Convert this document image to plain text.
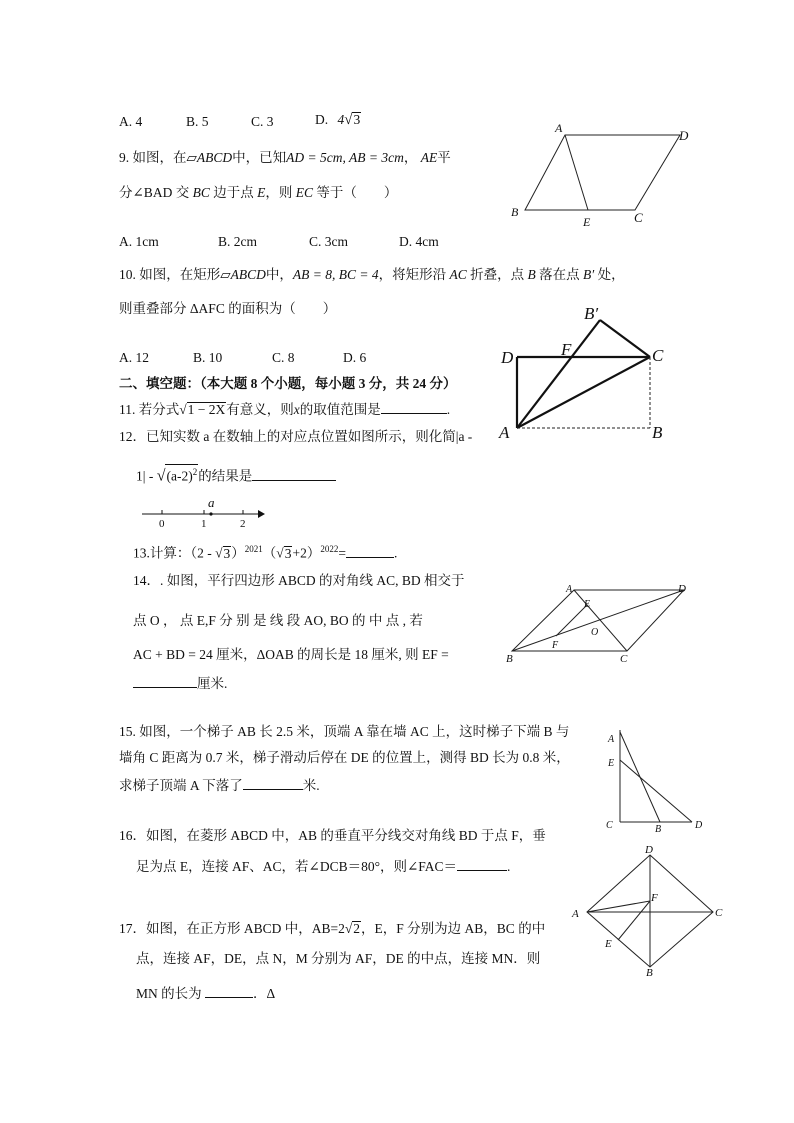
A. 4	B. 5	C. 3	D. 4√3
9. 如图，在▱ABCD中，已知AD = 5cm, AB = 3cm， AE平
分∠BAD 交 BC 边于点 E，则 EC 等于（　　）
A. 1cm	B. 2cm	C. 3cm	D. 4cm
A	D
B
E	C
10. 如图，在矩形▱ABCD中，AB = 8, BC = 4，将矩形沿 AC 折叠，点 B 落在点 B′ 处，
则重叠部分 ΔAFC 的面积为（　　）
A. 12	B. 10	C. 8	D. 6
B′
D	F	C
A	B
二、填空题：（本大题 8 个小题，每小题 3 分，共 24 分）
11. 若分式√1 − 2X有意义，则x的取值范围是	.
12．已知实数 a 在数轴上的对应点位置如图所示，则化简|a -
$1| - √(a-2)^2$的结果是
a
0	1	2
13.计算：$(2 - √3)^{2021}(√3+2)^{2022}=$	.
14．. 如图，平行四边形 ABCD 的对角线 AC, BD 相交于
点 O ， 点 E,F 分 别 是 线 段 AO, BO 的 中 点 , 若
AC + BD = 24 厘米，ΔOAB 的周长是 18 厘米, 则 EF =
厘米.
A	D
E
O
F
B	C
15. 如图，一个梯子 AB 长 2.5 米，顶端 A 靠在墙 AC 上，这时梯子下端 B 与
墙角 C 距离为 0.7 米，梯子滑动后停在 DE 的位置上，测得 BD 长为 0.8 米，
求梯子顶端 A 下落了	米.
A
E
C	B	D
16．如图，在菱形 ABCD 中，AB 的垂直平分线交对角线 BD 于点 F，垂
足为点 E，连接 AF、AC，若∠DCB＝80°，则∠FAC＝	.
17．如图，在正方形 ABCD 中，AB=2√2，E，F 分别为边 AB，BC 的中
点，连接 AF，DE，点 N，M 分别为 AF，DE 的中点，连接 MN．则
MN 的长为	．Δ
D
A
F
C
E
B
